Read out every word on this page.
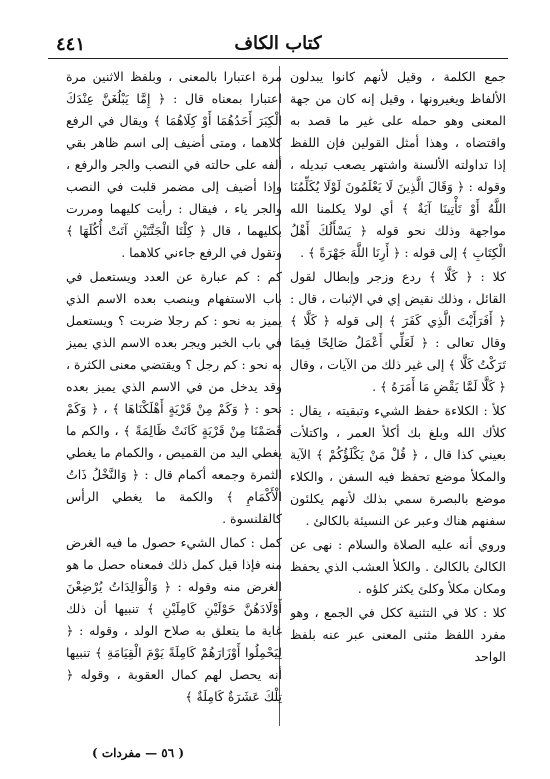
٤٤١	كتاب الكاف

جمع الكلمة ، وقيل لأنهم كانوا يبدلون الألفاظ ويغيرونها ، وقيل إنه كان من جهة المعنى وهو حمله على غير ما قصد به واقتضاه ، وهذا أمثل القولين فإن اللفظ إذا تداولته الألسنة واشتهر يصعب تبديله ، وقوله : ﴿ وَقَالَ الَّذِينَ لَا يَعْلَمُونَ لَوْلَا يُكَلِّمُنَا اللَّهُ أَوْ تَأْتِينَا آيَةٌ ﴾ أي لولا يكلمنا الله مواجهة وذلك نحو قوله ﴿ يَسْأَلُكَ أَهْلُ الْكِتَابِ ﴾ إلى قوله : ﴿ أَرِنَا اللَّهَ جَهْرَةً ﴾ .

كلا : ﴿ كَلَّا ﴾ ردع وزجر وإبطال لقول القائل ، وذلك نقيض إي في الإثبات ، قال : ﴿ أَفَرَأَيْتَ الَّذِي كَفَرَ ﴾ إلى قوله ﴿ كَلَّا ﴾ وقال تعالى : ﴿ لَعَلِّي أَعْمَلُ صَالِحًا فِيمَا تَرَكْتُ كَلَّا ﴾ إلى غير ذلك من الآيات ، وقال ﴿ كَلَّا لَمَّا يَقْضِ مَا أَمَرَهُ ﴾ .

كلأ : الكلاءة حفظ الشيء وتبقيته ، يقال : كلأك الله وبلغ بك أكلأ العمر ، واكتلأت بعيني كذا قال ، ﴿ قُلْ مَنْ يَكْلَؤُكُمْ ﴾ الآية والمكلأ موضع تحفظ فيه السفن ، والكلاء موضع بالبصرة سمي بذلك لأنهم يكلئون سفنهم هناك وعبر عن النسيئة بالكالئ .

وروي أنه عليه الصلاة والسلام : نهى عن الكالئ بالكالئ . والكلأ العشب الذي يحفظ ومكان مكلأ وكلئ يكثر كلؤه .

كلا : كلا في التثنية ككل في الجمع ، وهو مفرد اللفظ مثنى المعنى عبر عنه بلفظ الواحد

مرة اعتبارا بالمعنى ، وبلفظ الاثنين مرة اعتبارا بمعناه قال : ﴿ إِمَّا يَبْلُغَنَّ عِنْدَكَ الْكِبَرَ أَحَدُهُمَا أَوْ كِلَاهُمَا ﴾ ويقال في الرفع كلاهما ، ومتى أضيف إلى اسم ظاهر بقي ألفه على حالته في النصب والجر والرفع ، وإذا أضيف إلى مضمر قلبت في النصب والجر ياء ، فيقال : رأيت كليهما ومررت بكليهما ، قال ﴿ كِلْتَا الْجَنَّتَيْنِ آتَتْ أُكُلَهَا ﴾ وتقول في الرفع جاءني كلاهما .

كم : كم عبارة عن العدد ويستعمل في باب الاستفهام وينصب بعده الاسم الذي يميز به نحو : كم رجلا ضربت ؟ ويستعمل في باب الخبر ويجر بعده الاسم الذي يميز به نحو : كم رجل ؟ ويقتضي معنى الكثرة ، وقد يدخل من في الاسم الذي يميز بعده نحو : ﴿ وَكَمْ مِنْ قَرْيَةٍ أَهْلَكْنَاهَا ﴾ ، ﴿ وَكَمْ قَصَمْنَا مِنْ قَرْيَةٍ كَانَتْ ظَالِمَةً ﴾ ، والكم ما يغطي اليد من القميص ، والكمام ما يغطي الثمرة وجمعه أكمام قال : ﴿ وَالنَّخْلُ ذَاتُ الْأَكْمَامِ ﴾ والكمة ما يغطي الرأس كالقلنسوة .

كمل : كمال الشيء حصول ما فيه الغرض منه فإذا قيل كمل ذلك فمعناه حصل ما هو الغرض منه وقوله : ﴿ وَالْوَالِدَاتُ يُرْضِعْنَ أَوْلَادَهُنَّ حَوْلَيْنِ كَامِلَيْنِ ﴾ تنبيها أن ذلك غاية ما يتعلق به صلاح الولد ، وقوله : ﴿ لِيَحْمِلُوا أَوْزَارَهُمْ كَامِلَةً يَوْمَ الْقِيَامَةِ ﴾ تنبيها أنه يحصل لهم كمال العقوبة ، وقوله ﴿ تِلْكَ عَشَرَةٌ كَامِلَةٌ ﴾

( ٥٦ — مفردات )
